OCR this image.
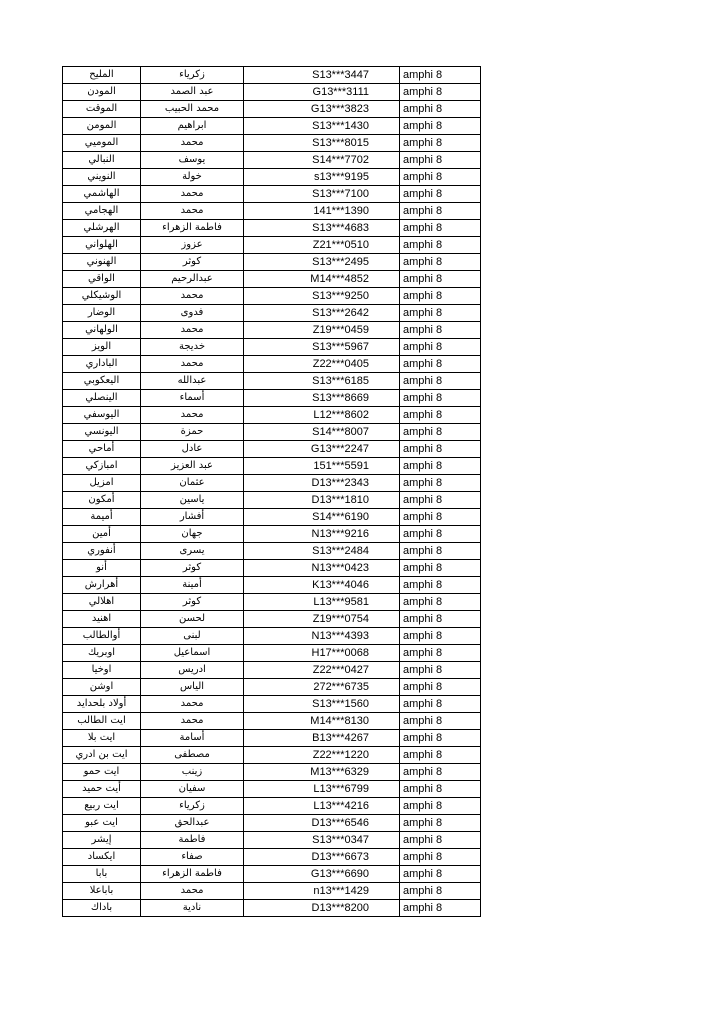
المليح	زكرياء	S13***3447	amphi 8
المودن	عبد الصمد	G13***3111	amphi 8
الموقت	محمد الحبيب	G13***3823	amphi 8
المومن	ابراهيم	S13***1430	amphi 8
الموميي	محمد	S13***8015	amphi 8
النبالي	يوسف	S14***7702	amphi 8
النويني	خولة	s13***9195	amphi 8
الهاشمي	محمد	S13***7100	amphi 8
الهجامي	محمد	141***1390	amphi 8
الهرشلي	فاطمة الزهراء	S13***4683	amphi 8
الهلواني	عزوز	Z21***0510	amphi 8
الهنوني	كوثر	S13***2495	amphi 8
الواقي	عبدالرحيم	M14***4852	amphi 8
الوشيكلي	محمد	S13***9250	amphi 8
الوضار	فدوى	S13***2642	amphi 8
الولهاني	محمد	Z19***0459	amphi 8
الويز	خديجة	S13***5967	amphi 8
الباداري	محمد	Z22***0405	amphi 8
اليعكوبي	عبدالله	S13***6185	amphi 8
الينصلي	أسماء	S13***8669	amphi 8
اليوسفي	محمد	L12***8602	amphi 8
اليونسي	حمزة	S14***8007	amphi 8
أماحي	عادل	G13***2247	amphi 8
امبازكي	عبد العزيز	151***5591	amphi 8
امزيل	عثمان	D13***2343	amphi 8
أمكون	ياسين	D13***1810	amphi 8
أميمة	أفشار	S14***6190	amphi 8
أمين	جهان	N13***9216	amphi 8
أنفوري	يسرى	S13***2484	amphi 8
أنو	كوثر	N13***0423	amphi 8
أهرارش	أمينة	K13***4046	amphi 8
اهلالي	كوثر	L13***9581	amphi 8
اهنيد	لحسن	Z19***0754	amphi 8
أوالطالب	لبنى	N13***4393	amphi 8
اوبريك	اسماعيل	H17***0068	amphi 8
اوخيا	ادريس	Z22***0427	amphi 8
اوشن	الياس	272***6735	amphi 8
أولاد بلحدايد	محمد	S13***1560	amphi 8
ايت الطالب	محمد	M14***8130	amphi 8
ايت بلا	أسامة	B13***4267	amphi 8
ايت بن ادري	مصطفى	Z22***1220	amphi 8
ايت حمو	زينب	M13***6329	amphi 8
أيت حميد	سفيان	L13***6799	amphi 8
ايت ربيع	زكرياء	L13***4216	amphi 8
ايت عبو	عبدالحق	D13***6546	amphi 8
إيشر	فاطمة	S13***0347	amphi 8
ايكساد	صفاء	D13***6673	amphi 8
بابا	فاطمة الزهراء	G13***6690	amphi 8
باباعلا	محمد	n13***1429	amphi 8
باداك	نادية	D13***8200	amphi 8
